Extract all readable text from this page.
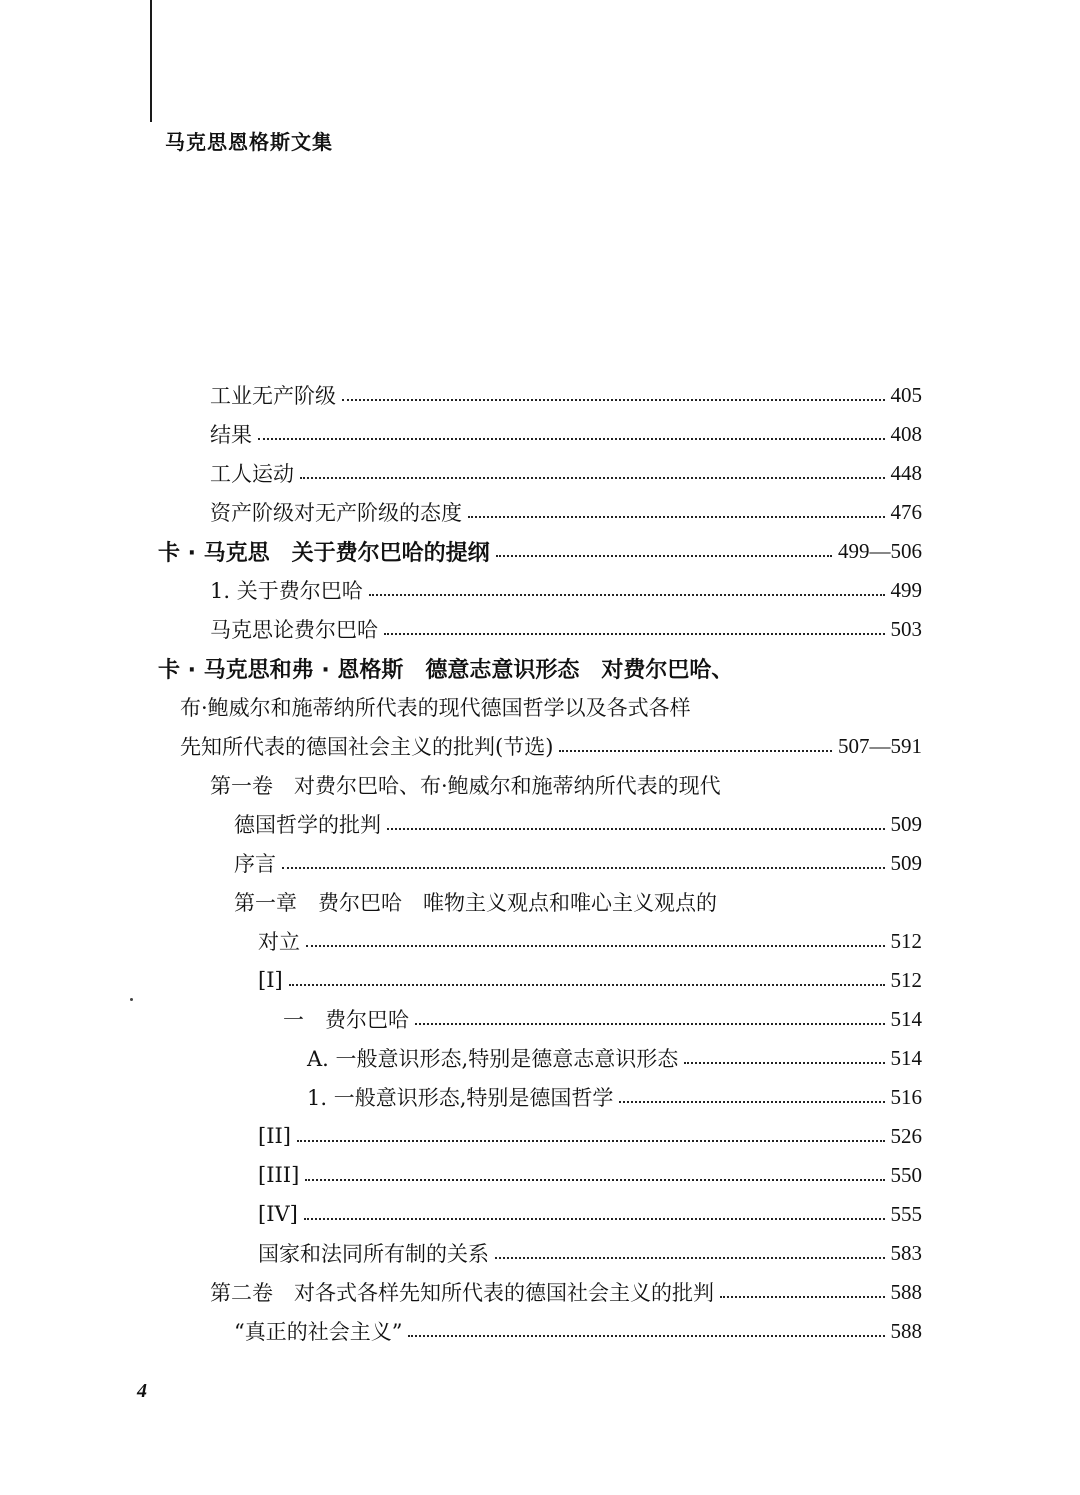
马克思恩格斯文集
工业无产阶级	405
结果	408
工人运动	448
资产阶级对无产阶级的态度	476
卡 · 马克思　关于费尔巴哈的提纲	499—506
1. 关于费尔巴哈	499
马克思论费尔巴哈	503
卡 · 马克思和弗 · 恩格斯　德意志意识形态　对费尔巴哈、
布·鲍威尔和施蒂纳所代表的现代德国哲学以及各式各样
先知所代表的德国社会主义的批判(节选)	507—591
第一卷　对费尔巴哈、布·鲍威尔和施蒂纳所代表的现代
德国哲学的批判	509
序言	509
第一章　费尔巴哈　唯物主义观点和唯心主义观点的
对立	512
[I]	512
一　费尔巴哈	514
A. 一般意识形态,特别是德意志意识形态	514
1. 一般意识形态,特别是德国哲学	516
[II]	526
[III]	550
[IV]	555
国家和法同所有制的关系	583
第二卷　对各式各样先知所代表的德国社会主义的批判	588
“真正的社会主义”	588
4
